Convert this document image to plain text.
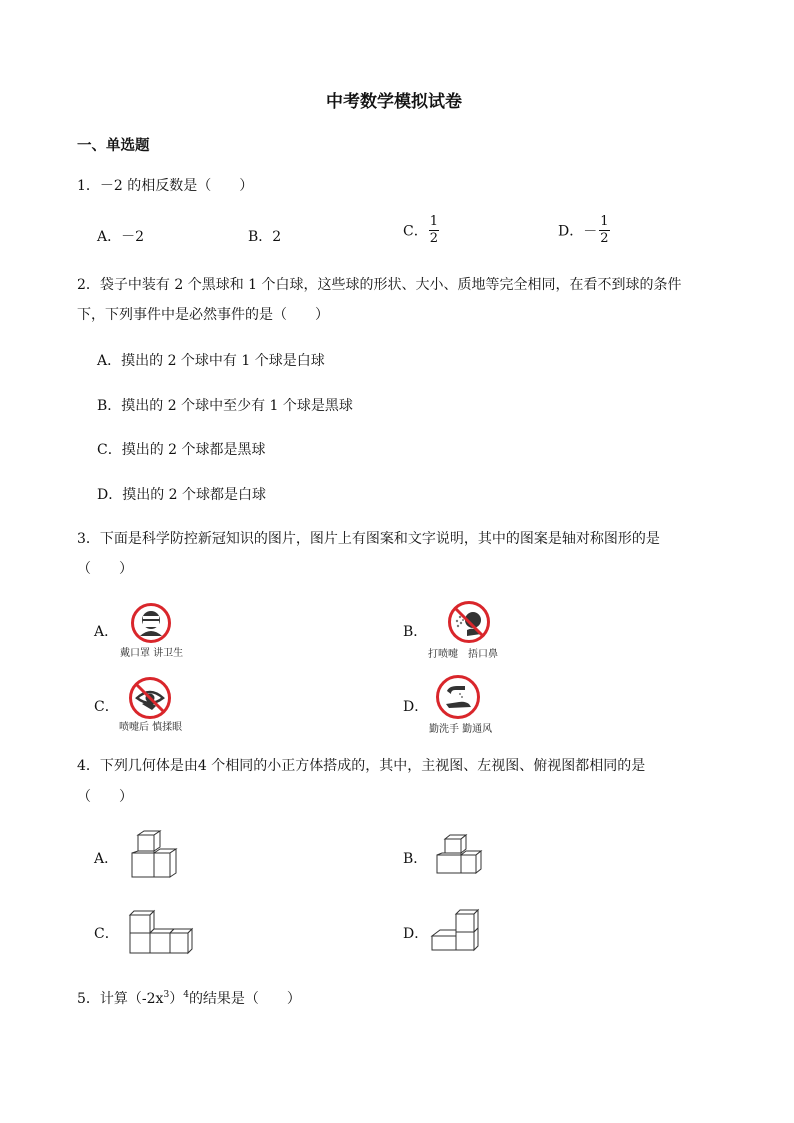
中考数学模拟试卷
一、单选题
1．－2 的相反数是（　　）
A．－2	B．2	C． $\frac{1}{2}$	D．－ $\frac{1}{2}$
2．袋子中装有 2 个黑球和 1 个白球，这些球的形状、大小、质地等完全相同，在看不到球的条件
下，下列事件中是必然事件的是（　　）
A．摸出的 2 个球中有 1 个球是白球
B．摸出的 2 个球中至少有 1 个球是黑球
C．摸出的 2 个球都是黑球
D．摸出的 2 个球都是白球
3．下面是科学防控新冠知识的图片，图片上有图案和文字说明，其中的图案是轴对称图形的是
（　　）
A．
戴口罩 讲卫生
B．
打喷嚏　捂口鼻
C．
喷嚏后 慎揉眼
D．
勤洗手 勤通风
4．下列几何体是由4 个相同的小正方体搭成的，其中，主视图、左视图、俯视图都相同的是
（　　）
A．	B．
C．	D．
5．计算$(-2x^3)^4$的结果是（　　）
